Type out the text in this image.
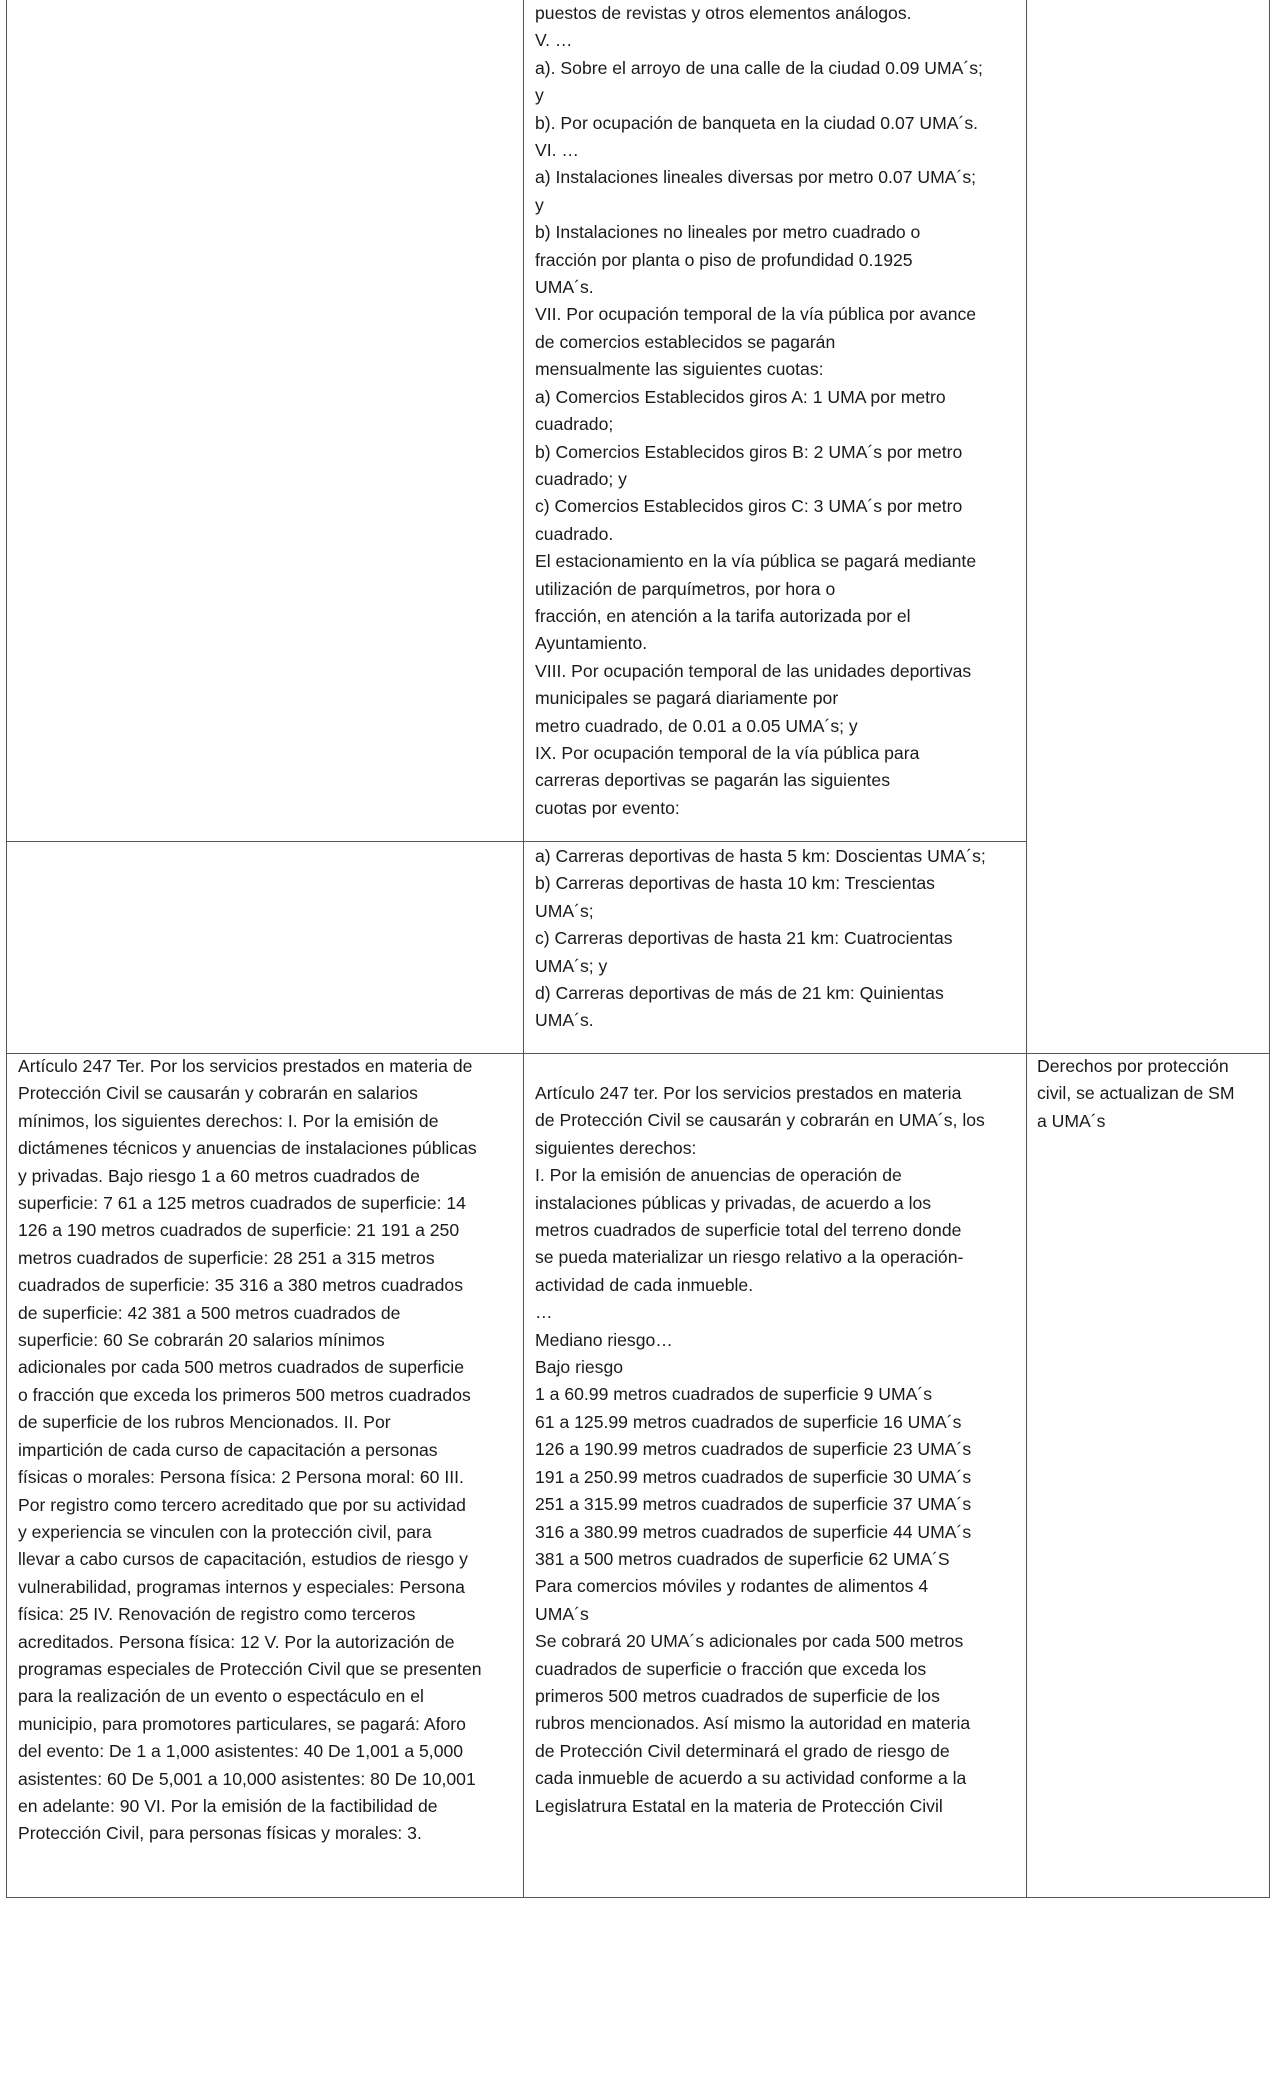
puestos de revistas y otros elementos análogos.
V. …
a). Sobre el arroyo de una calle de la ciudad 0.09 UMA´s;
y
b). Por ocupación de banqueta en la ciudad 0.07 UMA´s.
VI. …
a) Instalaciones lineales diversas por metro 0.07 UMA´s;
y
b) Instalaciones no lineales por metro cuadrado o
fracción por planta o piso de profundidad 0.1925
UMA´s.
VII. Por ocupación temporal de la vía pública por avance
de comercios establecidos se pagarán
mensualmente las siguientes cuotas:
a) Comercios Establecidos giros A: 1 UMA por metro
cuadrado;
b) Comercios Establecidos giros B: 2 UMA´s por metro
cuadrado; y
c) Comercios Establecidos giros C: 3 UMA´s por metro
cuadrado.
El estacionamiento en la vía pública se pagará mediante
utilización de parquímetros, por hora o
fracción, en atención a la tarifa autorizada por el
Ayuntamiento.
VIII. Por ocupación temporal de las unidades deportivas
municipales se pagará diariamente por
metro cuadrado, de 0.01 a 0.05 UMA´s; y
IX. Por ocupación temporal de la vía pública para
carreras deportivas se pagarán las siguientes
cuotas por evento:
a) Carreras deportivas de hasta 5 km: Doscientas UMA´s;
b) Carreras deportivas de hasta 10 km: Trescientas
UMA´s;
c) Carreras deportivas de hasta 21 km: Cuatrocientas
UMA´s; y
d) Carreras deportivas de más de 21 km: Quinientas
UMA´s.
Artículo 247 Ter. Por los servicios prestados en materia de
Protección Civil se causarán y cobrarán en salarios
mínimos, los siguientes derechos: I. Por la emisión de
dictámenes técnicos y anuencias de instalaciones públicas
y privadas. Bajo riesgo 1 a 60 metros cuadrados de
superficie: 7 61 a 125 metros cuadrados de superficie: 14
126 a 190 metros cuadrados de superficie: 21 191 a 250
metros cuadrados de superficie: 28 251 a 315 metros
cuadrados de superficie: 35 316 a 380 metros cuadrados
de superficie: 42 381 a 500 metros cuadrados de
superficie: 60 Se cobrarán 20 salarios mínimos
adicionales por cada 500 metros cuadrados de superficie
o fracción que exceda los primeros 500 metros cuadrados
de superficie de los rubros Mencionados. II. Por
impartición de cada curso de capacitación a personas
físicas o morales: Persona física: 2 Persona moral: 60 III.
Por registro como tercero acreditado que por su actividad
y experiencia se vinculen con la protección civil, para
llevar a cabo cursos de capacitación, estudios de riesgo y
vulnerabilidad, programas internos y especiales: Persona
física: 25 IV. Renovación de registro como terceros
acreditados. Persona física: 12 V. Por la autorización de
programas especiales de Protección Civil que se presenten
para la realización de un evento o espectáculo en el
municipio, para promotores particulares, se pagará: Aforo
del evento: De 1 a 1,000 asistentes: 40 De 1,001 a 5,000
asistentes: 60 De 5,001 a 10,000 asistentes: 80 De 10,001
en adelante: 90 VI. Por la emisión de la factibilidad de
Protección Civil, para personas físicas y morales: 3.
Artículo 247 ter. Por los servicios prestados en materia
de Protección Civil se causarán y cobrarán en UMA´s, los
siguientes derechos:
I. Por la emisión de anuencias de operación de
instalaciones públicas y privadas, de acuerdo a los
metros cuadrados de superficie total del terreno donde
se pueda materializar un riesgo relativo a la operación-
actividad de cada inmueble.
…
Mediano riesgo…
Bajo riesgo
1 a 60.99 metros cuadrados de superficie 9 UMA´s
61 a 125.99 metros cuadrados de superficie 16 UMA´s
126 a 190.99 metros cuadrados de superficie 23 UMA´s
191 a 250.99 metros cuadrados de superficie 30 UMA´s
251 a 315.99 metros cuadrados de superficie 37 UMA´s
316 a 380.99 metros cuadrados de superficie 44 UMA´s
381 a 500 metros cuadrados de superficie 62 UMA´S
Para comercios móviles y rodantes de alimentos 4
UMA´s
Se cobrará 20 UMA´s adicionales por cada 500 metros
cuadrados de superficie o fracción que exceda los
primeros 500 metros cuadrados de superficie de los
rubros mencionados. Así mismo la autoridad en materia
de Protección Civil determinará el grado de riesgo de
cada inmueble de acuerdo a su actividad conforme a la
Legislatrura Estatal en la materia de Protección Civil
Derechos por protección
civil, se actualizan de SM
a UMA´s
